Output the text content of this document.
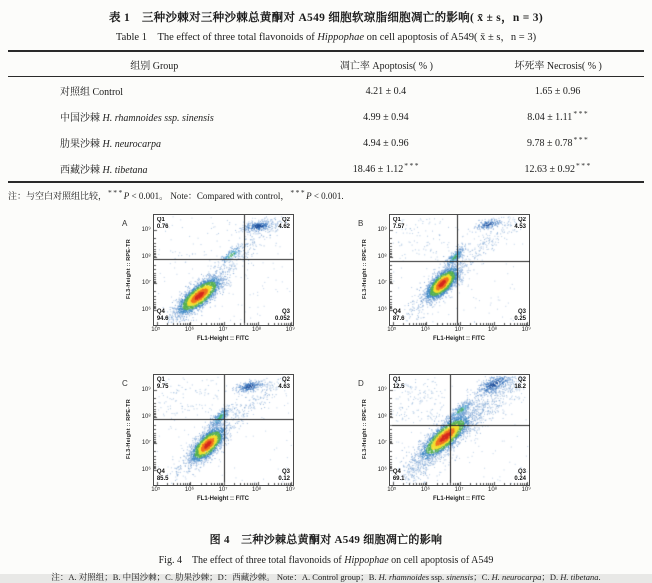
表 1　三种沙棘对三种沙棘总黄酮对 A549 细胞软琼脂细胞凋亡的影响( x̄ ± s，n = 3)
Table 1　The effect of three total flavonoids of Hippophae on cell apoptosis of A549( x̄ ± s，n = 3)
组别 Group	凋亡率 Apoptosis( % )	坏死率 Necrosis( % )
对照组 Control	4.21 ± 0.4	1.65 ± 0.96
中国沙棘 H. rhamnoides ssp. sinensis	4.99 ± 0.94	8.04 ± 1.11***
肋果沙棘 H. neurocarpa	4.94 ± 0.96	9.78 ± 0.78***
西藏沙棘 H. tibetana	18.46 ± 1.12***	12.63 ± 0.92***
注：与空白对照组比较，***P < 0.001。 Note：Compared with control，***P < 0.001.
A
FL3-Height :: RPE-TR
10⁹
10⁸
10⁷
10⁶
Q1
0.76
Q2
4.62
Q4
94.6
Q3
0.052
10⁵	10⁶	10⁷	10⁸	10⁹
FL1-Height :: FITC
B
FL3-Height :: RPE-TR
10⁹
10⁸
10⁷
10⁶
Q1
7.57
Q2
4.53
Q4
87.6
Q3
0.25
10⁵	10⁶	10⁷	10⁸	10⁹
FL1-Height :: FITC
C
FL3-Height :: RPE-TR
10⁹
10⁸
10⁷
10⁶
Q1
9.75
Q2
4.63
Q4
85.5
Q3
0.12
10⁵	10⁶	10⁷	10⁸	10⁹
FL1-Height :: FITC
D
FL3-Height :: RPE-TR
10⁹
10⁸
10⁷
10⁶
Q1
12.5
Q2
18.2
Q4
69.1
Q3
0.24
10⁵	10⁶	10⁷	10⁸	10⁹
FL1-Height :: FITC
图 4　三种沙棘总黄酮对 A549 细胞凋亡的影响
Fig. 4　The effect of three total flavonoids of Hippophae on cell apoptosis of A549
注：A. 对照组；B. 中国沙棘；C. 肋果沙棘；D：西藏沙棘。 Note：A. Control group；B. H. rhamnoides ssp. sinensis；C. H. neurocarpa；D. H. tibetana.
